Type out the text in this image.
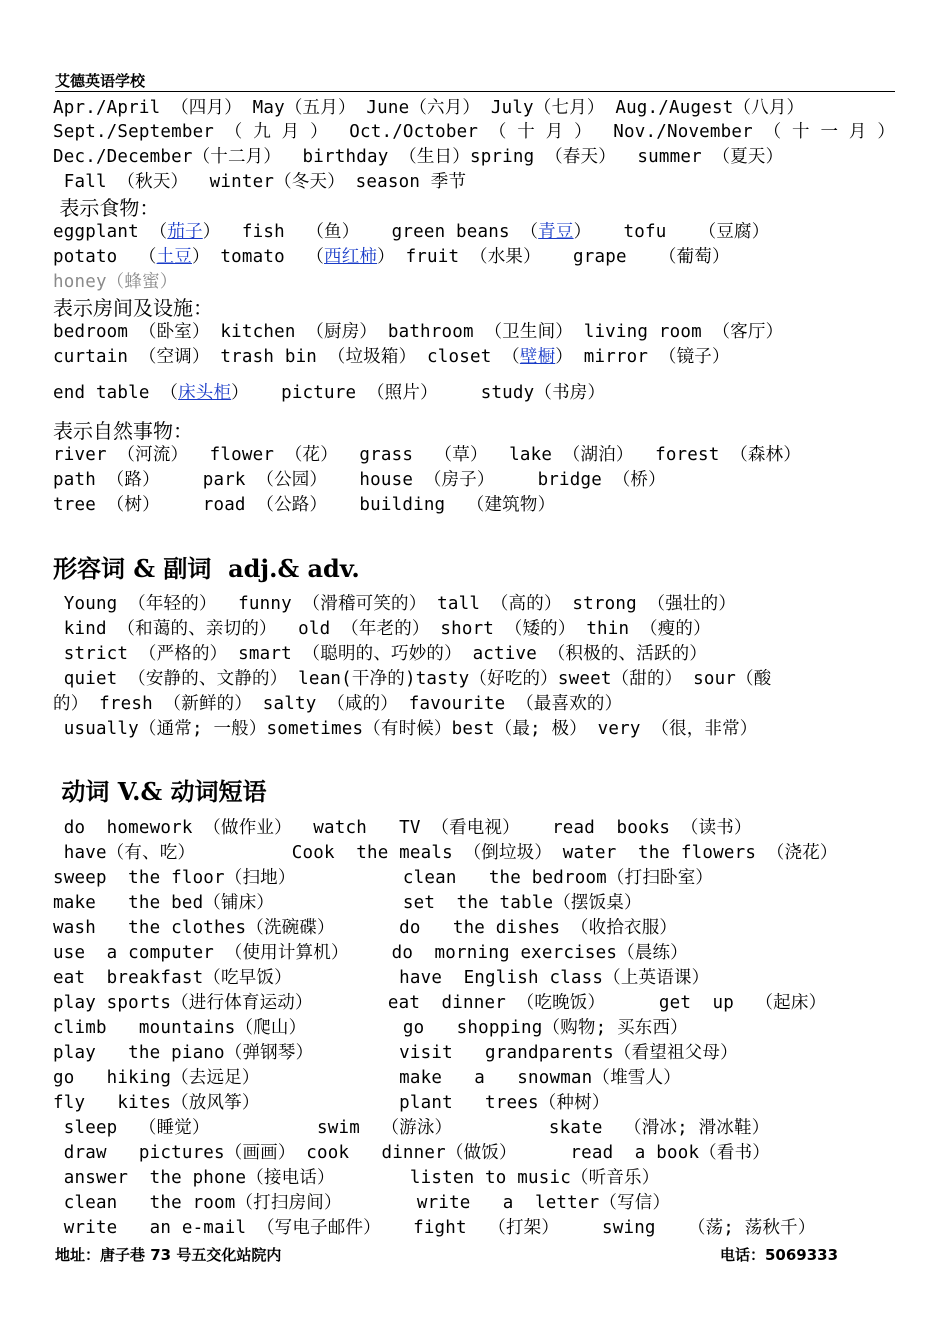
艾德英语学校
Apr./April （四月） May（五月） June（六月） July（七月） Aug./Augest（八月）
Sept./September （ 九 月 ）  Oct./October （ 十 月 ）  Nov./November （ 十 一 月 ）
Dec./December（十二月）  birthday （生日）spring （春天）  summer （夏天）
Fall （秋天）  winter（冬天） season 季节
表示食物：
eggplant （茄子）  fish  （鱼）   green beans （青豆）   tofu   （豆腐）
potato  （土豆） tomato  （西红柿） fruit （水果）   grape   （葡萄）
honey（蜂蜜）
表示房间及设施：
bedroom （卧室） kitchen （厨房） bathroom （卫生间） living room （客厅）
curtain （空调） trash bin （垃圾箱） closet （壁橱） mirror （镜子）
end table （床头柜）   picture （照片）    study（书房）
表示自然事物：
river （河流）  flower （花）  grass  （草）  lake （湖泊）  forest （森林）
path （路）    park （公园）   house （房子）    bridge （桥）
tree （树）    road （公路）   building  （建筑物）
形容词 & 副词  adj.& adv.
Young （年轻的）  funny （滑稽可笑的） tall （高的） strong （强壮的）
kind （和蔼的、亲切的）  old （年老的） short （矮的） thin （瘦的）
strict （严格的） smart （聪明的、巧妙的） active （积极的、活跃的）
quiet （安静的、文静的） lean(干净的)tasty（好吃的）sweet（甜的） sour（酸
的） fresh （新鲜的） salty （咸的） favourite （最喜欢的）
usually（通常; 一般）sometimes（有时候）best（最; 极） very （很，非常）
动词 V.& 动词短语
do  homework （做作业）  watch   TV （看电视）   read  books （读书）
have（有、吃）         Cook  the meals （倒垃圾） water  the flowers （浇花）
sweep  the floor（扫地）          clean   the bedroom（打扫卧室）
make   the bed（铺床）            set  the table（摆饭桌）
wash   the clothes（洗碗碟）      do   the dishes （收拾衣服）
use  a computer （使用计算机）    do  morning exercises（晨练）
eat  breakfast（吃早饭）          have  English class（上英语课）
play sports（进行体育运动）       eat  dinner （吃晚饭）     get  up  （起床）
climb   mountains（爬山）         go   shopping（购物; 买东西）
play   the piano（弹钢琴）        visit   grandparents（看望祖父母）
go   hiking（去远足）             make   a   snowman（堆雪人）
fly   kites（放风筝）             plant   trees（种树）
sleep  （睡觉）          swim  （游泳）         skate  （滑冰; 滑冰鞋）
draw   pictures（画画） cook   dinner（做饭）     read  a book（看书）
answer  the phone（接电话）       listen to music（听音乐）
clean   the room（打扫房间）       write   a  letter（写信）
write   an e-mail （写电子邮件）   fight  （打架）    swing   （荡; 荡秋千）
地址：唐子巷 73 号五交化站院内	电话：5069333
